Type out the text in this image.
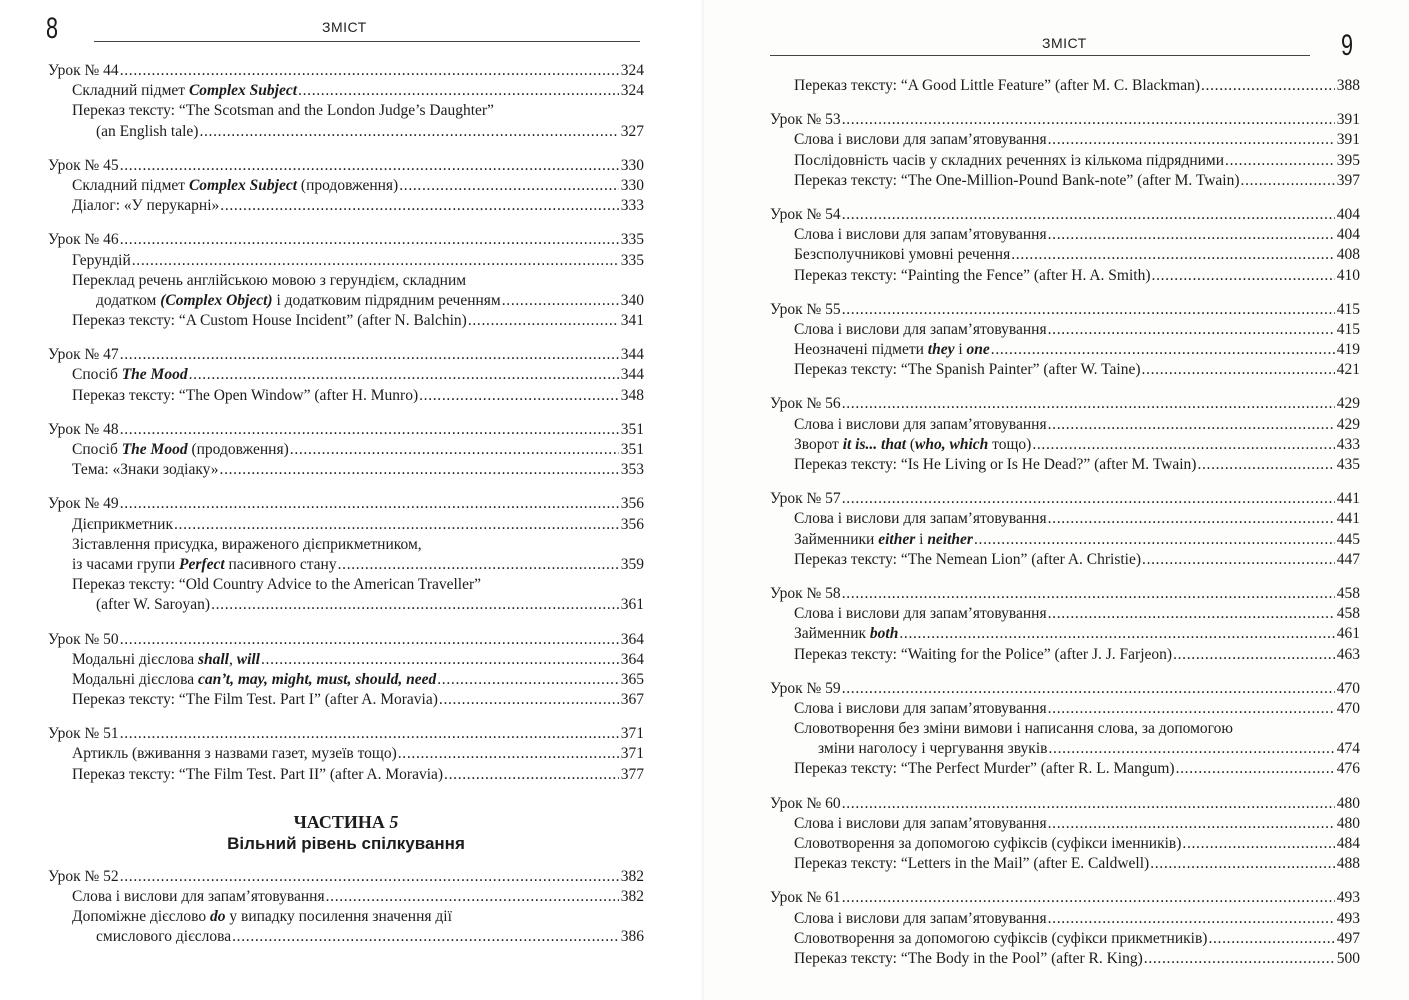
8	ЗМІСТ
Урок № 44 . . .	324
Складний підмет Complex Subject . . .	324
Переказ тексту: “The Scotsman and the London Judge’s Daughter”
(an English tale) . . .	327
Урок № 45 . . .	330
Складний підмет Complex Subject (продовження) . . .	330
Діалог: «У перукарні» . . .	333
Урок № 46 . . .	335
Герундій . . .	335
Переклад речень англійською мовою з герундієм, складним
додатком (Complex Object) і додатковим підрядним реченням . . .	340
Переказ тексту: “A Custom House Incident” (after N. Balchin) . . .	341
Урок № 47 . . .	344
Спосіб The Mood . . .	344
Переказ тексту: “The Open Window” (after H. Munro) . . .	348
Урок № 48 . . .	351
Спосіб The Mood (продовження) . . .	351
Тема: «Знаки зодіаку» . . .	353
Урок № 49 . . .	356
Дієприкметник . . .	356
Зіставлення присудка, вираженого дієприкметником,
із часами групи Perfect пасивного стану . . .	359
Переказ тексту: “Old Country Advice to the American Traveller”
(after W. Saroyan) . . .	361
Урок № 50 . . .	364
Модальні дієслова shall, will . . .	364
Модальні дієслова can’t, may, might, must, should, need . . .	365
Переказ тексту: “The Film Test. Part I” (after A. Moravia) . . .	367
Урок № 51 . . .	371
Артикль (вживання з назвами газет, музеїв тощо) . . .	371
Переказ тексту: “The Film Test. Part II” (after A. Moravia) . . .	377
ЧАСТИНА 5
Вільний рівень спілкування
Урок № 52 . . .	382
Слова і вислови для запам’ятовування . . .	382
Допоміжне дієслово do у випадку посилення значення дії
смислового дієслова . . .	386
ЗМІСТ	9
Переказ тексту: “A Good Little Feature” (after M. C. Blackman) . . .	388
Урок № 53 . . .	391
Слова і вислови для запам’ятовування . . .	391
Послідовність часів у складних реченнях із кількома підрядними . . .	395
Переказ тексту: “The One-Million-Pound Bank-note” (after M. Twain) . . .	397
Урок № 54 . . .	404
Слова і вислови для запам’ятовування . . .	404
Безсполучникові умовні речення . . .	408
Переказ тексту: “Painting the Fence” (after H. A. Smith) . . .	410
Урок № 55 . . .	415
Слова і вислови для запам’ятовування . . .	415
Неозначені підмети they і one . . .	419
Переказ тексту: “The Spanish Painter” (after W. Taine) . . .	421
Урок № 56 . . .	429
Слова і вислови для запам’ятовування . . .	429
Зворот it is... that (who, which тощо) . . .	433
Переказ тексту: “Is He Living or Is He Dead?” (after M. Twain) . . .	435
Урок № 57 . . .	441
Слова і вислови для запам’ятовування . . .	441
Займенники either і neither . . .	445
Переказ тексту: “The Nemean Lion” (after A. Christie) . . .	447
Урок № 58 . . .	458
Слова і вислови для запам’ятовування . . .	458
Займенник both . . .	461
Переказ тексту: “Waiting for the Police” (after J. J. Farjeon) . . .	463
Урок № 59 . . .	470
Слова і вислови для запам’ятовування . . .	470
Словотворення без зміни вимови і написання слова, за допомогою
зміни наголосу і чергування звуків . . .	474
Переказ тексту: “The Perfect Murder” (after R. L. Mangum) . . .	476
Урок № 60 . . .	480
Слова і вислови для запам’ятовування . . .	480
Словотворення за допомогою суфіксів (суфікси іменників) . . .	484
Переказ тексту: “Letters in the Mail” (after E. Caldwell) . . .	488
Урок № 61 . . .	493
Слова і вислови для запам’ятовування . . .	493
Словотворення за допомогою суфіксів (суфікси прикметників) . . .	497
Переказ тексту: “The Body in the Pool” (after R. King) . . .	500
